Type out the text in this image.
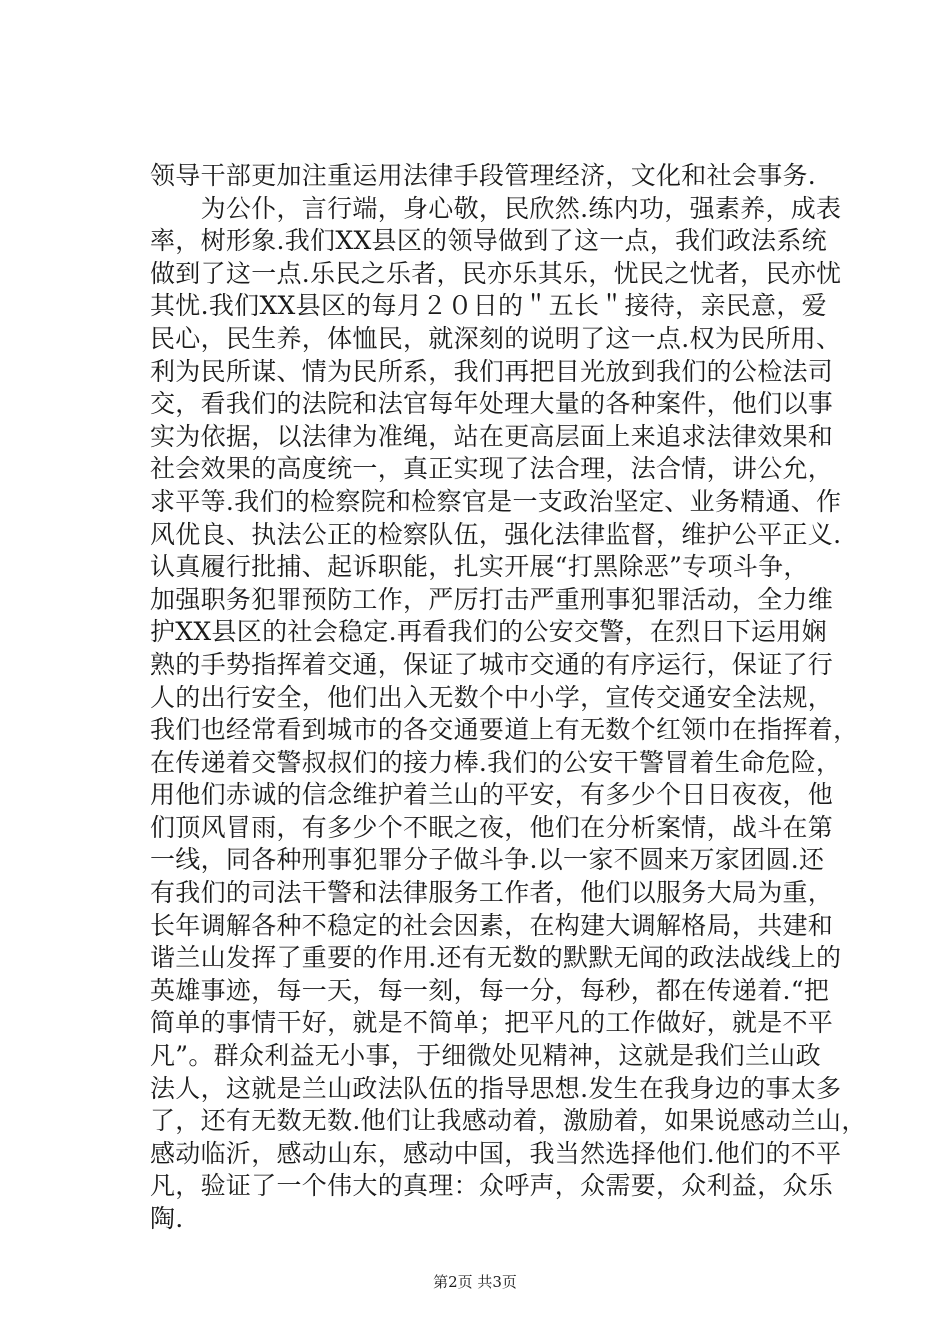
领导干部更加注重运用法律手段管理经济，文化和社会事务.
　　为公仆，言行端，身心敬，民欣然.练内功，强素养，成表
率，树形象.我们XX县区的领导做到了这一点，我们政法系统
做到了这一点.乐民之乐者，民亦乐其乐，忧民之忧者，民亦忧
其忧.我们XX县区的每月２０日的＂五长＂接待，亲民意，爱
民心，民生养，体恤民，就深刻的说明了这一点.权为民所用、
利为民所谋、情为民所系，我们再把目光放到我们的公检法司
交，看我们的法院和法官每年处理大量的各种案件，他们以事
实为依据，以法律为准绳，站在更高层面上来追求法律效果和
社会效果的高度统一，真正实现了法合理，法合情，讲公允，
求平等.我们的检察院和检察官是一支政治坚定、业务精通、作
风优良、执法公正的检察队伍，强化法律监督，维护公平正义.
认真履行批捕、起诉职能，扎实开展“打黑除恶”专项斗争，
加强职务犯罪预防工作，严厉打击严重刑事犯罪活动，全力维
护XX县区的社会稳定.再看我们的公安交警，在烈日下运用娴
熟的手势指挥着交通，保证了城市交通的有序运行，保证了行
人的出行安全，他们出入无数个中小学，宣传交通安全法规，
我们也经常看到城市的各交通要道上有无数个红领巾在指挥着，
在传递着交警叔叔们的接力棒.我们的公安干警冒着生命危险，
用他们赤诚的信念维护着兰山的平安，有多少个日日夜夜，他
们顶风冒雨，有多少个不眠之夜，他们在分析案情，战斗在第
一线，同各种刑事犯罪分子做斗争.以一家不圆来万家团圆.还
有我们的司法干警和法律服务工作者，他们以服务大局为重，
长年调解各种不稳定的社会因素，在构建大调解格局，共建和
谐兰山发挥了重要的作用.还有无数的默默无闻的政法战线上的
英雄事迹，每一天，每一刻，每一分，每秒，都在传递着.“把
简单的事情干好，就是不简单；把平凡的工作做好，就是不平
凡”。群众利益无小事，于细微处见精神，这就是我们兰山政
法人，这就是兰山政法队伍的指导思想.发生在我身边的事太多
了，还有无数无数.他们让我感动着，激励着，如果说感动兰山，
感动临沂，感动山东，感动中国，我当然选择他们.他们的不平
凡，验证了一个伟大的真理：众呼声，众需要，众利益，众乐
陶.
第2页 共3页
